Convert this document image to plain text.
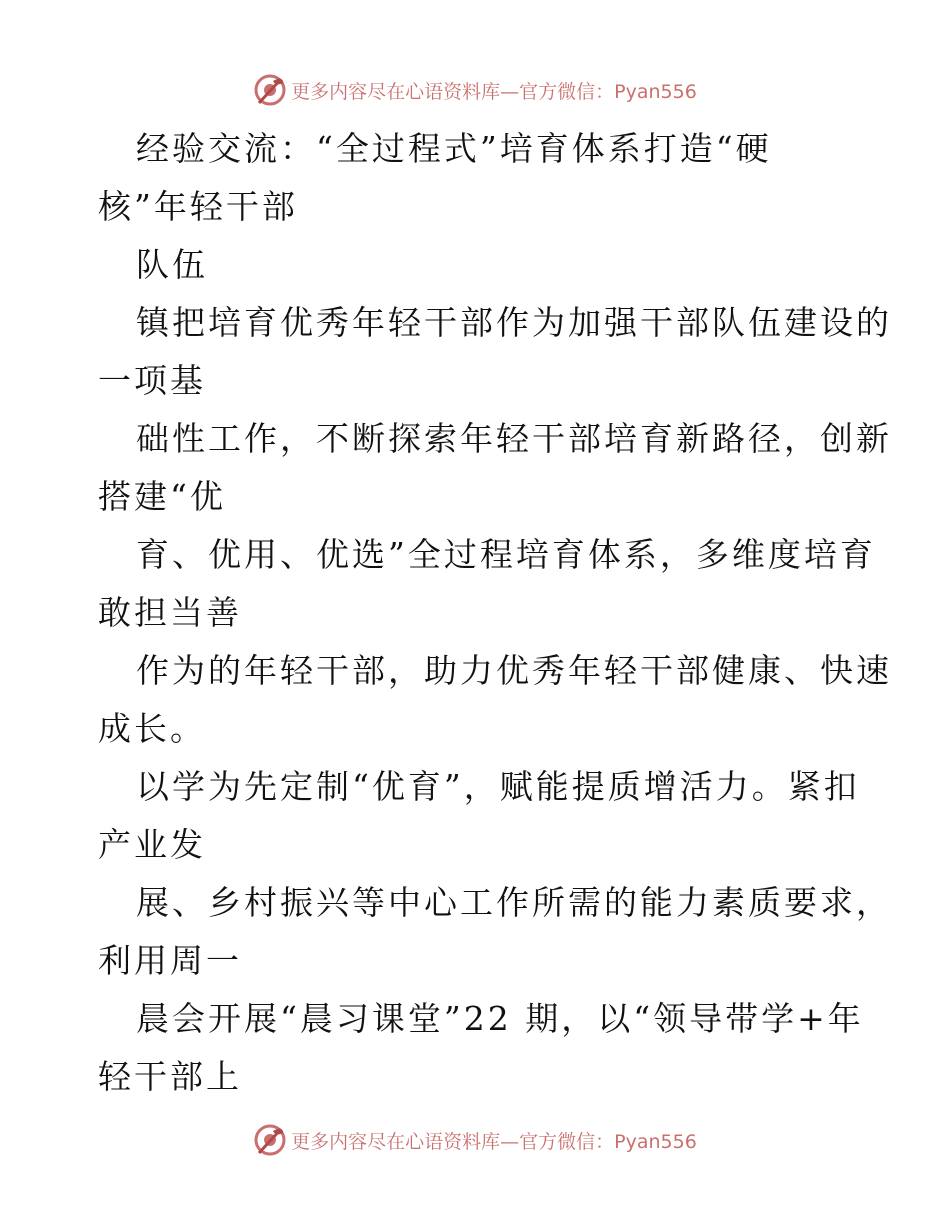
更多内容尽在心语资料库—官方微信：Pyan556
经验交流：“全过程式”培育体系打造“硬
核”年轻干部
队伍
镇把培育优秀年轻干部作为加强干部队伍建设的
一项基
础性工作，不断探索年轻干部培育新路径，创新
搭建“优
育、优用、优选”全过程培育体系，多维度培育
敢担当善
作为的年轻干部，助力优秀年轻干部健康、快速
成长。
以学为先定制“优育”，赋能提质增活力。紧扣
产业发
展、乡村振兴等中心工作所需的能力素质要求，
利用周一
晨会开展“晨习课堂”22 期，以“领导带学+年
轻干部上
更多内容尽在心语资料库—官方微信：Pyan556
